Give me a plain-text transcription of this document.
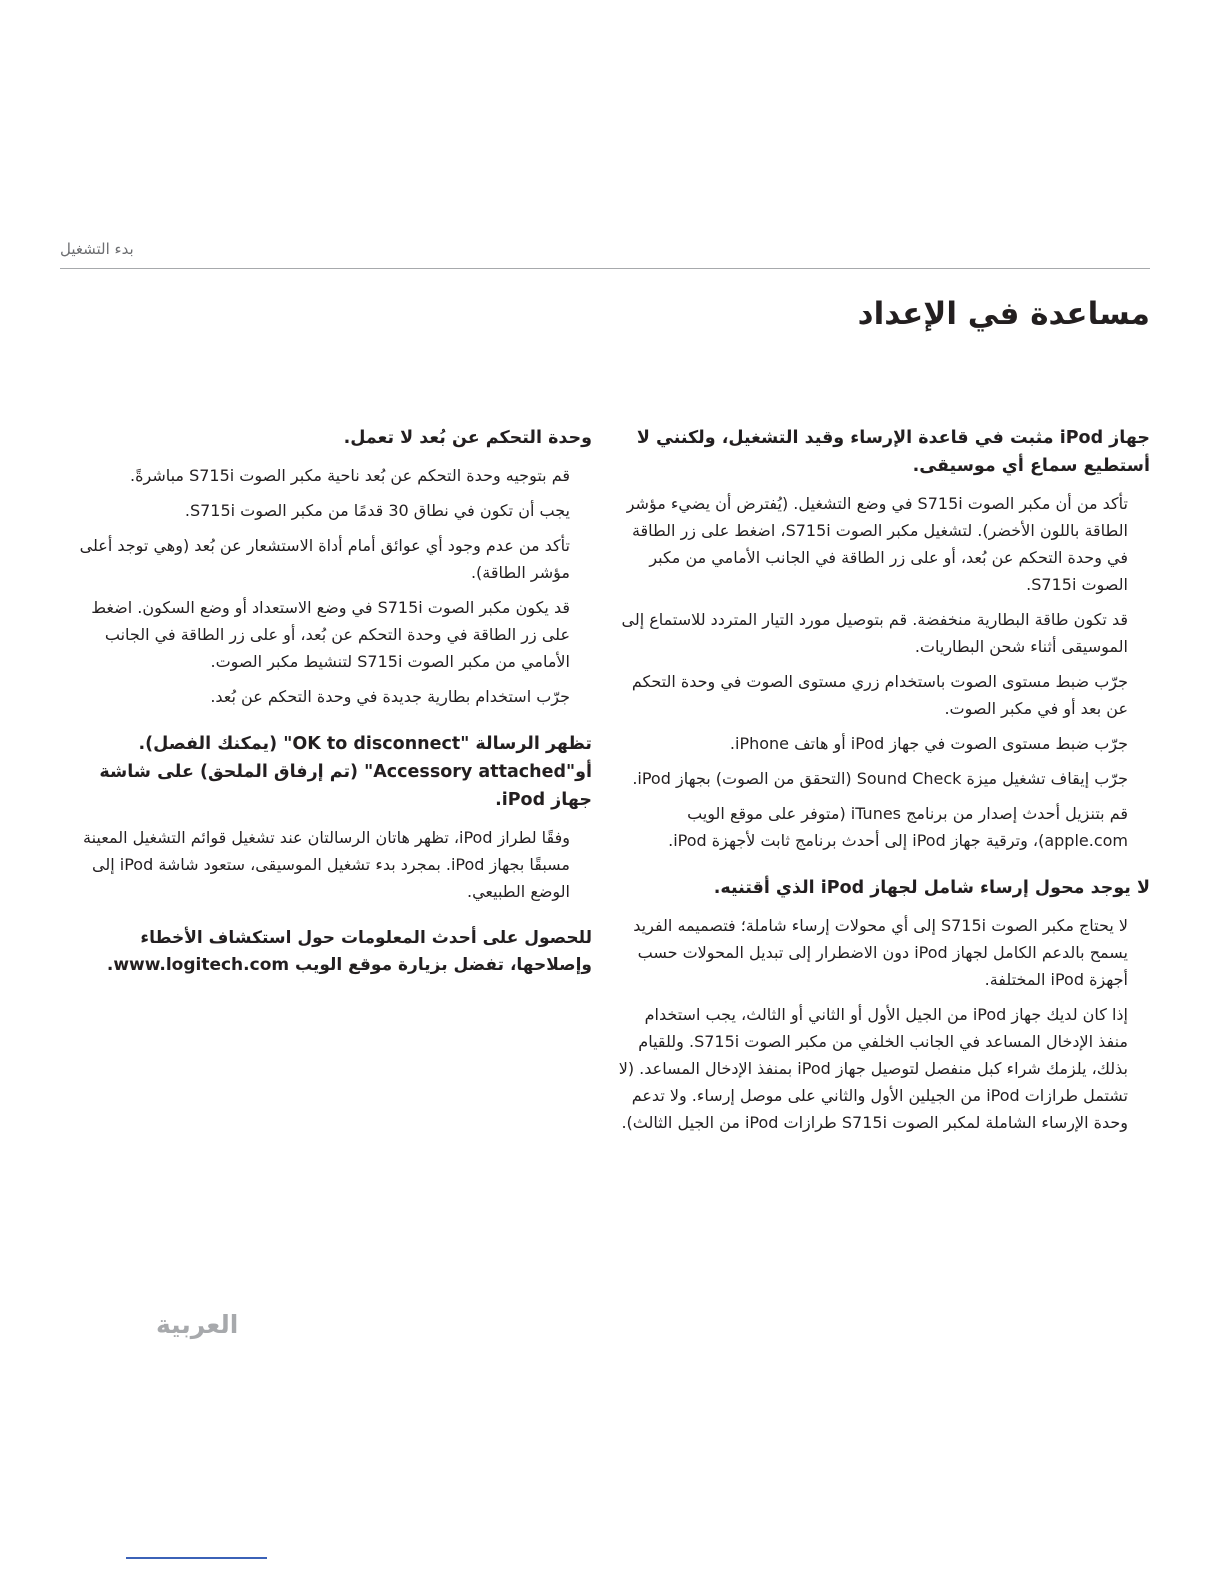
بدء التشغيل
مساعدة في الإعداد

جهاز iPod مثبت في قاعدة الإرساء وقيد التشغيل، ولكنني لا أستطيع سماع أي موسيقى.

تأكد من أن مكبر الصوت S715i في وضع التشغيل. (يُفترض أن يضيء مؤشر الطاقة باللون الأخضر). لتشغيل مكبر الصوت S715i، اضغط على زر الطاقة في وحدة التحكم عن بُعد، أو على زر الطاقة في الجانب الأمامي من مكبر الصوت S715i.

قد تكون طاقة البطارية منخفضة. قم بتوصيل مورد التيار المتردد للاستماع إلى الموسيقى أثناء شحن البطاريات.

جرّب ضبط مستوى الصوت باستخدام زري مستوى الصوت في وحدة التحكم عن بعد أو في مكبر الصوت.

جرّب ضبط مستوى الصوت في جهاز iPod أو هاتف iPhone.

جرّب إيقاف تشغيل ميزة Sound Check (التحقق من الصوت) بجهاز iPod.

قم بتنزيل أحدث إصدار من برنامج iTunes (متوفر على موقع الويب apple.com)، وترقية جهاز iPod إلى أحدث برنامج ثابت لأجهزة iPod.

لا يوجد محول إرساء شامل لجهاز iPod الذي أقتنيه.

لا يحتاج مكبر الصوت S715i إلى أي محولات إرساء شاملة؛ فتصميمه الفريد يسمح بالدعم الكامل لجهاز iPod دون الاضطرار إلى تبديل المحولات حسب أجهزة iPod المختلفة.

إذا كان لديك جهاز iPod من الجيل الأول أو الثاني أو الثالث، يجب استخدام منفذ الإدخال المساعد في الجانب الخلفي من مكبر الصوت S715i. وللقيام بذلك، يلزمك شراء كبل منفصل لتوصيل جهاز iPod بمنفذ الإدخال المساعد. (لا تشتمل طرازات iPod من الجيلين الأول والثاني على موصل إرساء. ولا تدعم وحدة الإرساء الشاملة لمكبر الصوت S715i طرازات iPod من الجيل الثالث).

وحدة التحكم عن بُعد لا تعمل.

قم بتوجيه وحدة التحكم عن بُعد ناحية مكبر الصوت S715i مباشرةً.

يجب أن تكون في نطاق 30 قدمًا من مكبر الصوت S715i.

تأكد من عدم وجود أي عوائق أمام أداة الاستشعار عن بُعد (وهي توجد أعلى مؤشر الطاقة).

قد يكون مكبر الصوت S715i في وضع الاستعداد أو وضع السكون. اضغط على زر الطاقة في وحدة التحكم عن بُعد، أو على زر الطاقة في الجانب الأمامي من مكبر الصوت S715i لتنشيط مكبر الصوت.

جرّب استخدام بطارية جديدة في وحدة التحكم عن بُعد.

تظهر الرسالة "OK to disconnect" (يمكنك الفصل). أو"Accessory attached" (تم إرفاق الملحق) على شاشة جهاز iPod.

وفقًا لطراز iPod، تظهر هاتان الرسالتان عند تشغيل قوائم التشغيل المعينة مسبقًا بجهاز iPod. بمجرد بدء تشغيل الموسيقى، ستعود شاشة iPod إلى الوضع الطبيعي.

للحصول على أحدث المعلومات حول استكشاف الأخطاء وإصلاحها، تفضل بزيارة موقع الويب www.logitech.com.

العربية
